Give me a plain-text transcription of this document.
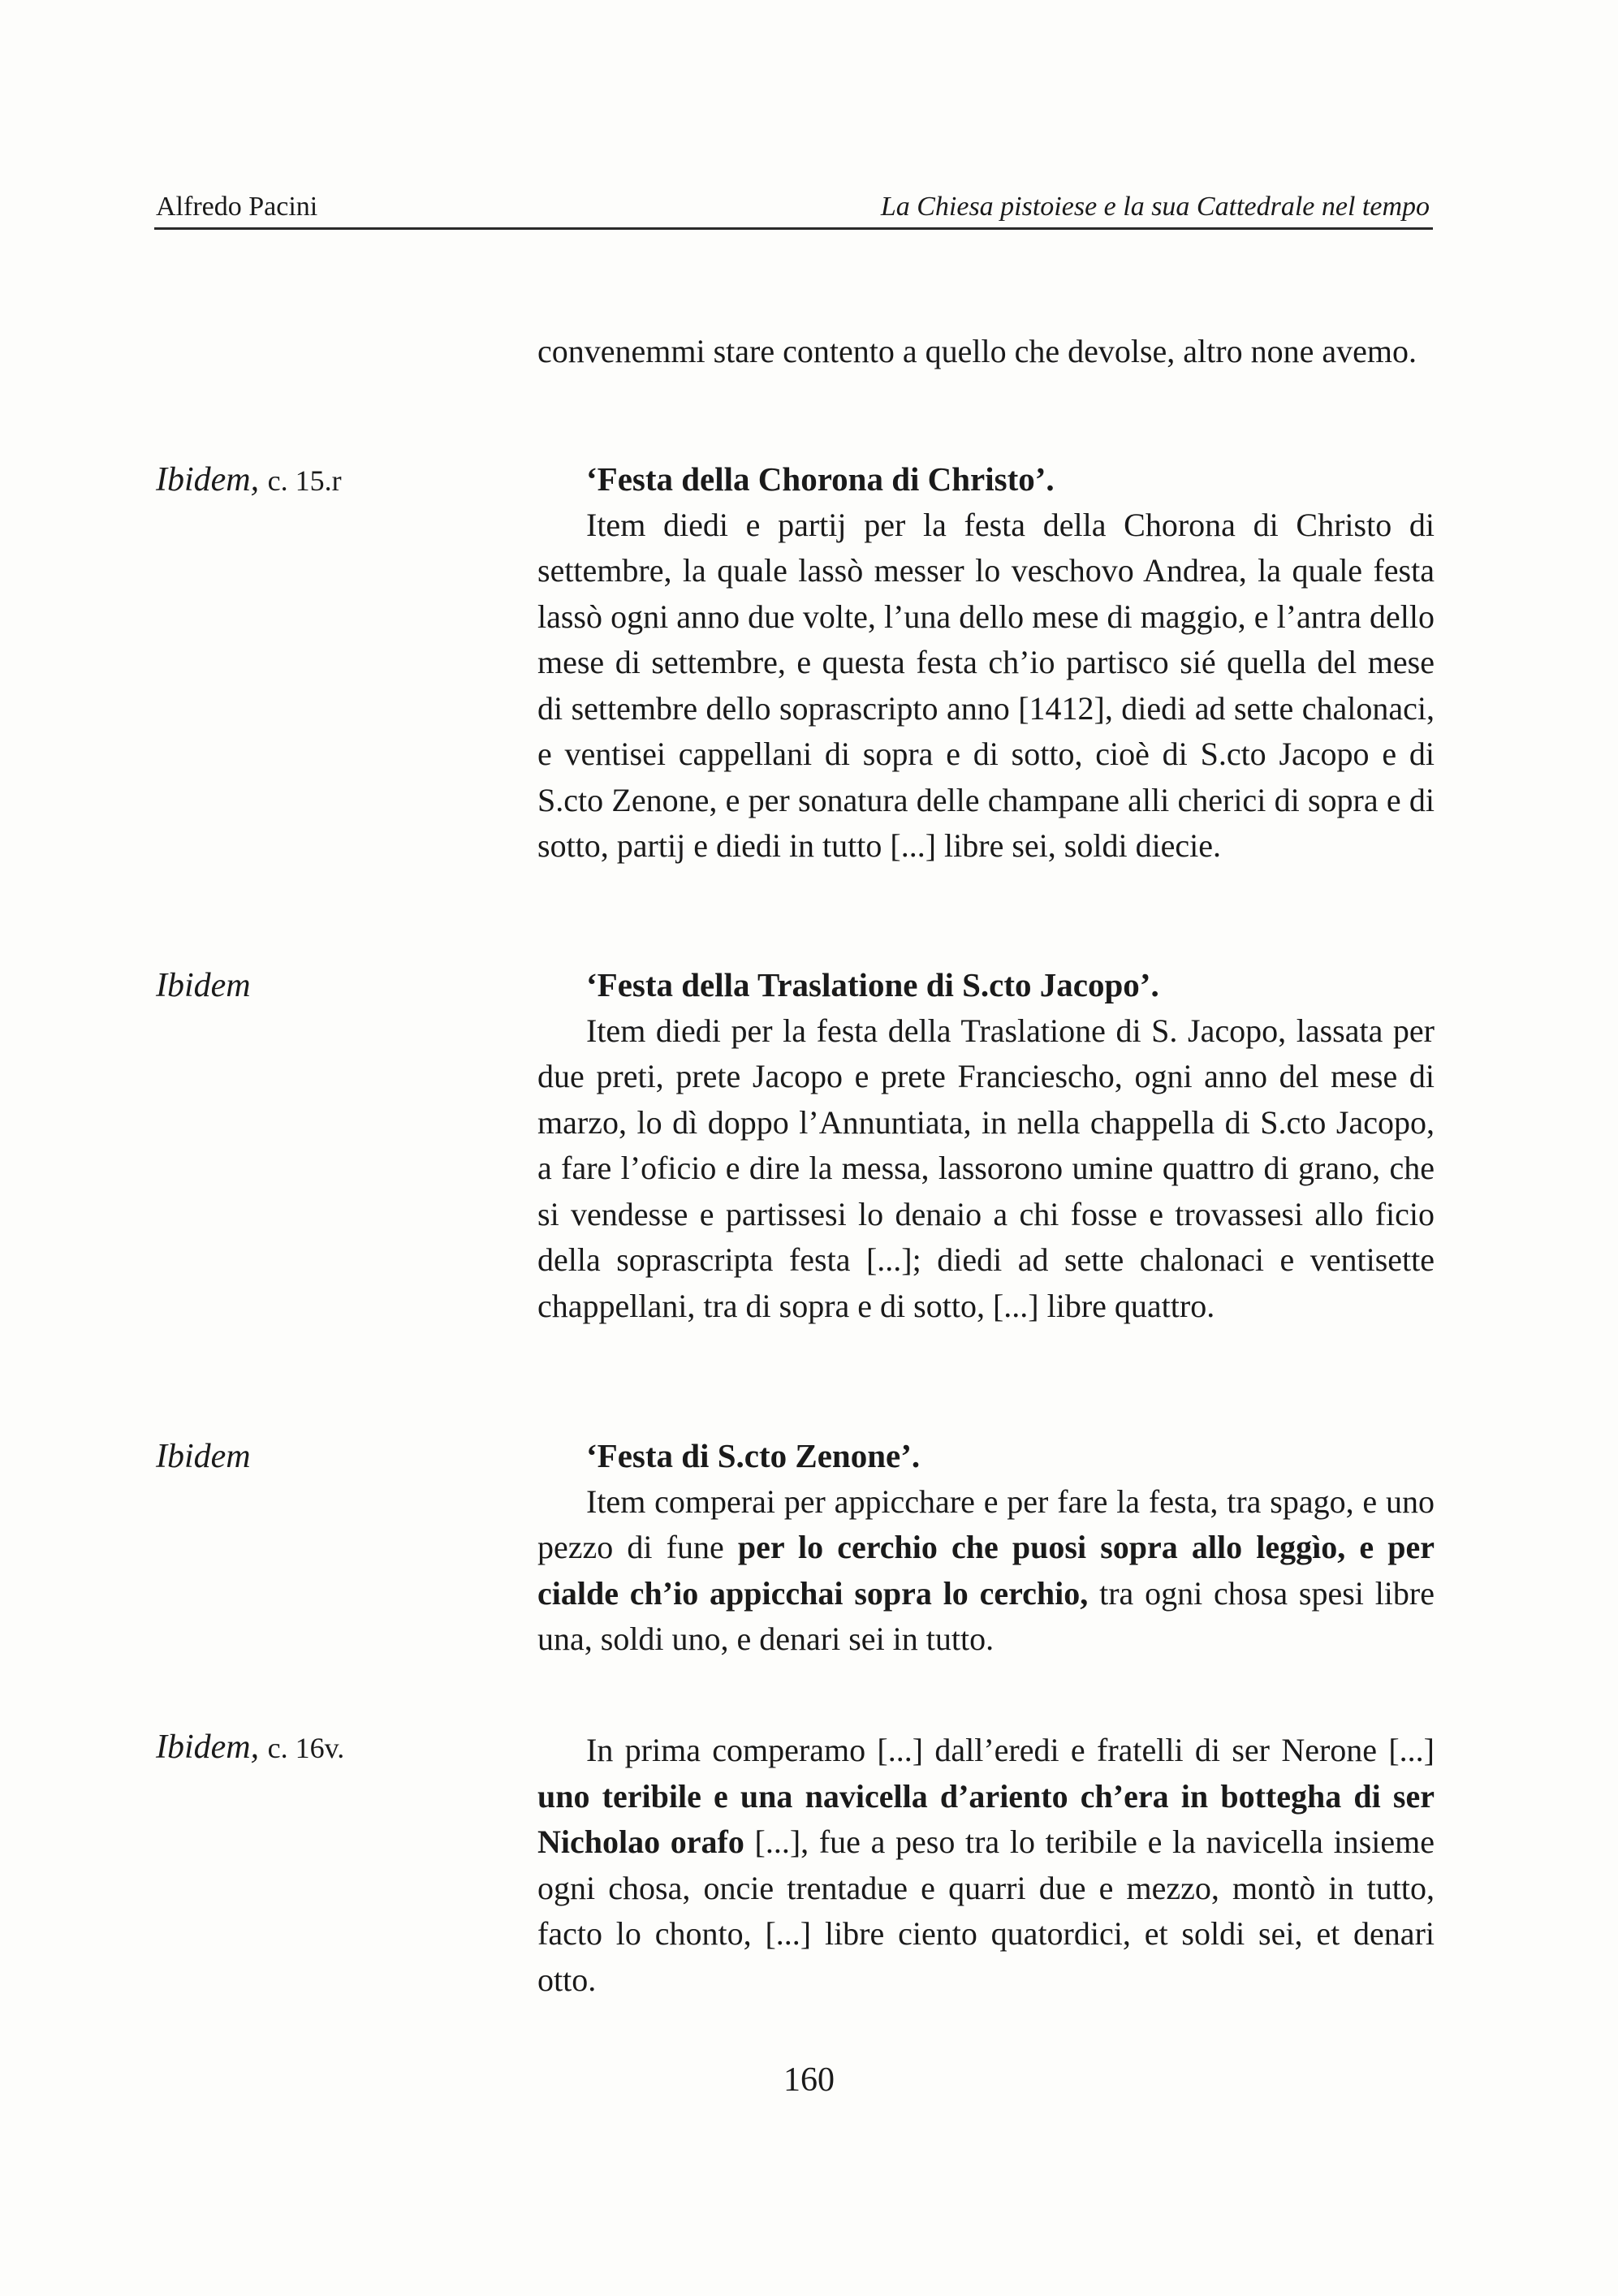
Alfredo Pacini	La Chiesa pistoiese e la sua Cattedrale nel tempo

convenemmi stare contento a quello che devolse, altro none avemo.

Ibidem, c. 15.r	‘Festa della Chorona di Christo’.

Item diedi e partij per la festa della Chorona di Christo di settembre, la quale lassò messer lo veschovo Andrea, la quale festa lassò ogni anno due volte, l’una dello mese di maggio, e l’antra dello mese di settembre, e questa festa ch’io partisco sié quella del mese di settembre dello soprascripto anno [1412], diedi ad sette chalonaci, e ventisei cappellani di sopra e di sotto, cioè di S.cto Jacopo e di S.cto Zenone, e per sonatura delle champane alli cherici di sopra e di sotto, partij e diedi in tutto [...] libre sei, soldi diecie.

Ibidem	‘Festa della Traslatione di S.cto Jacopo’.

Item diedi per la festa della Traslatione di S. Jacopo, lassata per due preti, prete Jacopo e prete Franciescho, ogni anno del mese di marzo, lo dì doppo l’Annuntiata, in nella chappella di S.cto Jacopo, a fare l’oficio e dire la messa, lassorono umine quattro di grano, che si vendesse e partissesi lo denaio a chi fosse e trovassesi allo ficio della soprascripta festa [...]; diedi ad sette chalonaci e ventisette chappellani, tra di sopra e di sotto, [...] libre quattro.

Ibidem	‘Festa di S.cto Zenone’.

Item comperai per appicchare e per fare la festa, tra spago, e uno pezzo di fune per lo cerchio che puosi sopra allo leggìo, e per cialde ch’io appicchai sopra lo cerchio, tra ogni chosa spesi libre una, soldi uno, e denari sei in tutto.

Ibidem, c. 16v.	In prima comperamo [...] dall’eredi e fratelli di ser Nerone [...] uno teribile e una navicella d’ariento ch’era in bottegha di ser Nicholao orafo [...], fue a peso tra lo teribile e la navicella insieme ogni chosa, oncie trentadue e quarri due e mezzo, montò in tutto, facto lo chonto, [...] libre ciento quatordici, et soldi sei, et denari otto.

160
